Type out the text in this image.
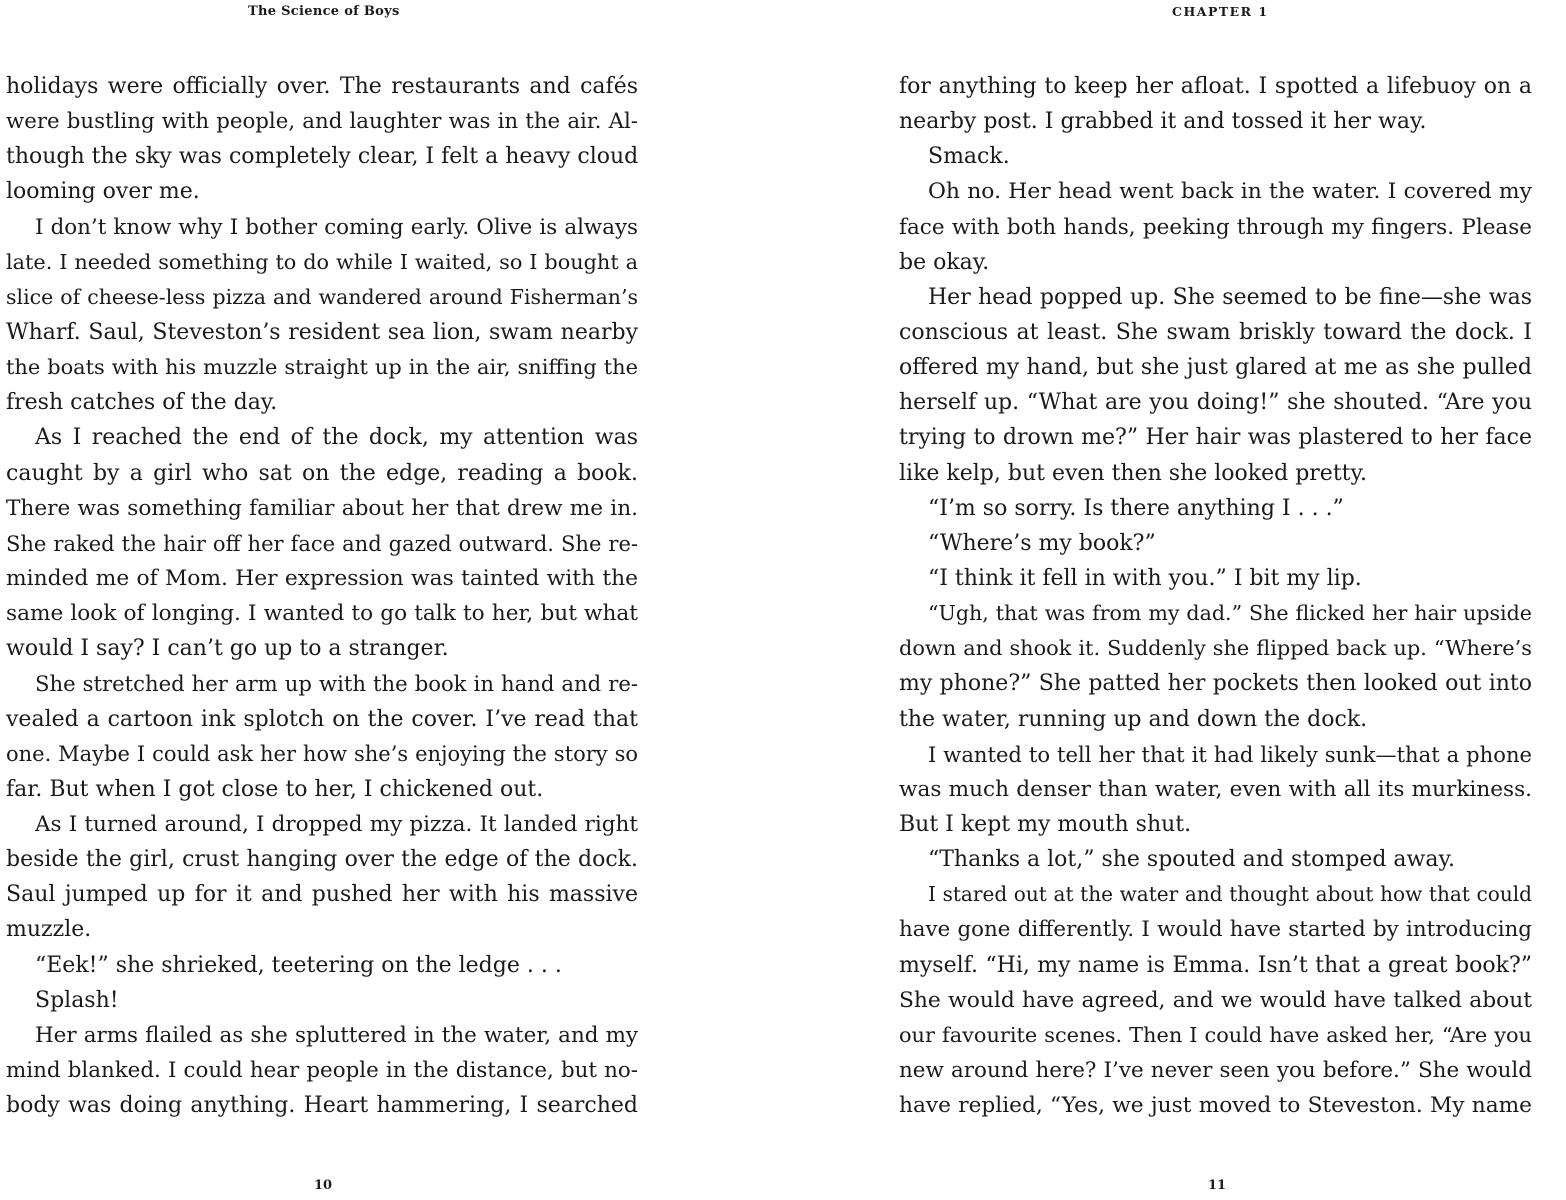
The Science of Boys
holidays were officially over. The restaurants and cafés
were bustling with people, and laughter was in the air. Al-
though the sky was completely clear, I felt a heavy cloud
looming over me.
I don’t know why I bother coming early. Olive is always
late. I needed something to do while I waited, so I bought a
slice of cheese-less pizza and wandered around Fisherman’s
Wharf. Saul, Steveston’s resident sea lion, swam nearby
the boats with his muzzle straight up in the air, sniffing the
fresh catches of the day.
As I reached the end of the dock, my attention was
caught by a girl who sat on the edge, reading a book.
There was something familiar about her that drew me in.
She raked the hair off her face and gazed outward. She re-
minded me of Mom. Her expression was tainted with the
same look of longing. I wanted to go talk to her, but what
would I say? I can’t go up to a stranger.
She stretched her arm up with the book in hand and re-
vealed a cartoon ink splotch on the cover. I’ve read that
one. Maybe I could ask her how she’s enjoying the story so
far. But when I got close to her, I chickened out.
As I turned around, I dropped my pizza. It landed right
beside the girl, crust hanging over the edge of the dock.
Saul jumped up for it and pushed her with his massive
muzzle.
“Eek!” she shrieked, teetering on the ledge . . .
Splash!
Her arms flailed as she spluttered in the water, and my
mind blanked. I could hear people in the distance, but no-
body was doing anything. Heart hammering, I searched
10
CHAPTER 1
for anything to keep her afloat. I spotted a lifebuoy on a
nearby post. I grabbed it and tossed it her way.
Smack.
Oh no. Her head went back in the water. I covered my
face with both hands, peeking through my fingers. Please
be okay.
Her head popped up. She seemed to be fine—she was
conscious at least. She swam briskly toward the dock. I
offered my hand, but she just glared at me as she pulled
herself up. “What are you doing!” she shouted. “Are you
trying to drown me?” Her hair was plastered to her face
like kelp, but even then she looked pretty.
“I’m so sorry. Is there anything I . . .”
“Where’s my book?”
“I think it fell in with you.” I bit my lip.
“Ugh, that was from my dad.” She flicked her hair upside
down and shook it. Suddenly she flipped back up. “Where’s
my phone?” She patted her pockets then looked out into
the water, running up and down the dock.
I wanted to tell her that it had likely sunk—that a phone
was much denser than water, even with all its murkiness.
But I kept my mouth shut.
“Thanks a lot,” she spouted and stomped away.
I stared out at the water and thought about how that could
have gone differently. I would have started by introducing
myself. “Hi, my name is Emma. Isn’t that a great book?”
She would have agreed, and we would have talked about
our favourite scenes. Then I could have asked her, “Are you
new around here? I’ve never seen you before.” She would
have replied, “Yes, we just moved to Steveston. My name
11
